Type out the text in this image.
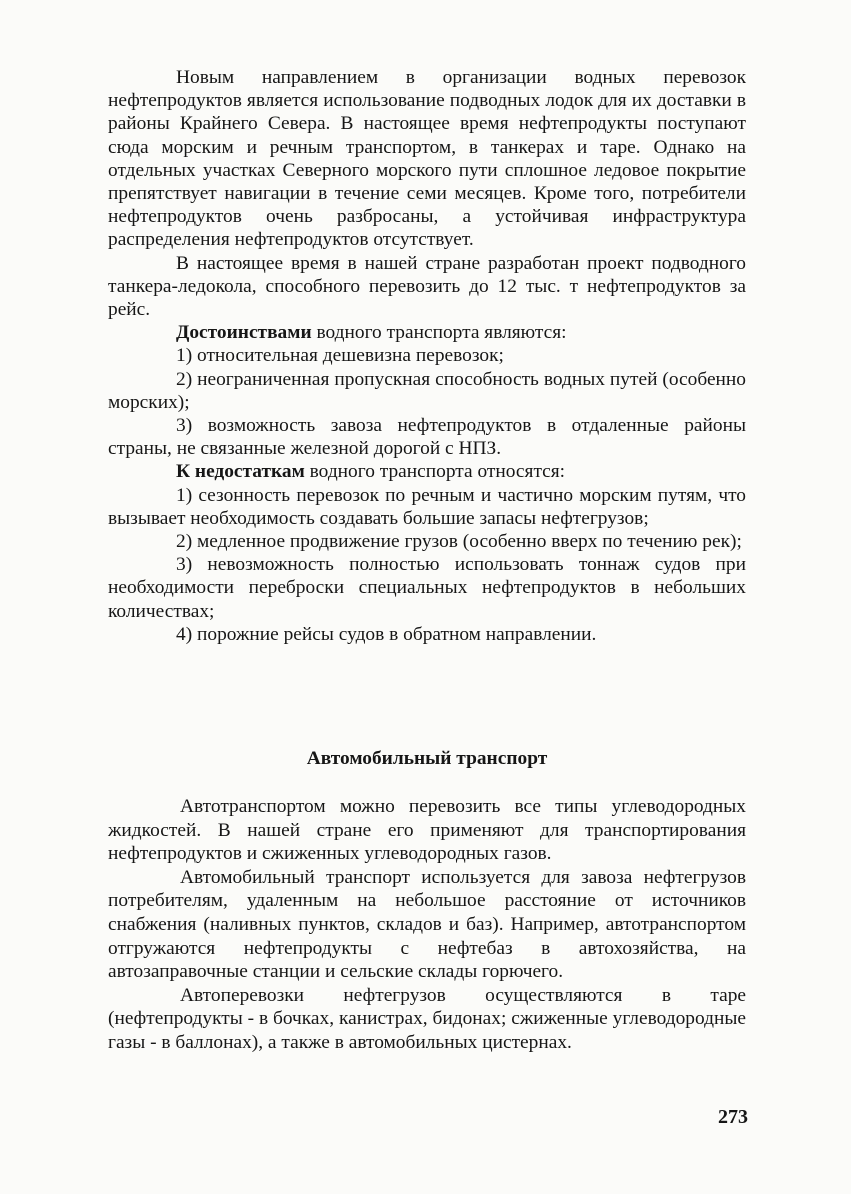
Новым направлением в организации водных перевозок нефтепродуктов является использование подводных лодок для их доставки в районы Крайнего Севера. В настоящее время нефтепродукты поступают сюда морским и речным транспортом, в танкерах и таре. Однако на отдельных участках Северного морского пути сплошное ледовое покрытие препятствует навигации в течение семи месяцев. Кроме того, потребители нефтепродуктов очень разбросаны, а устойчивая инфраструктура распределения нефтепродуктов отсутствует.

В настоящее время в нашей стране разработан проект подводного танкера-ледокола, способного перевозить до 12 тыс. т нефтепродуктов за рейс.

Достоинствами водного транспорта являются:

1) относительная дешевизна перевозок;

2) неограниченная пропускная способность водных путей (особенно морских);

3) возможность завоза нефтепродуктов в отдаленные районы страны, не связанные железной дорогой с НПЗ.

К недостаткам водного транспорта относятся:

1) сезонность перевозок по речным и частично морским путям, что вызывает необходимость создавать большие запасы нефтегрузов;

2) медленное продвижение грузов (особенно вверх по течению рек);

3) невозможность полностью использовать тоннаж судов при необходимости переброски специальных нефтепродуктов в небольших количествах;

4) порожние рейсы судов в обратном направлении.

Автомобильный транспорт

Автотранспортом можно перевозить все типы углеводородных жидкостей. В нашей стране его применяют для транспортирования нефтепродуктов и сжиженных углеводородных газов.

Автомобильный транспорт используется для завоза нефтегрузов потребителям, удаленным на небольшое расстояние от источников снабжения (наливных пунктов, складов и баз). Например, автотранспортом отгружаются нефтепродукты с нефтебаз в автохозяйства, на автозаправочные станции и сельские склады горючего.

Автоперевозки нефтегрузов осуществляются в таре (нефтепродукты - в бочках, канистрах, бидонах; сжиженные углеводородные газы - в баллонах), а также в автомобильных цистернах.

273
